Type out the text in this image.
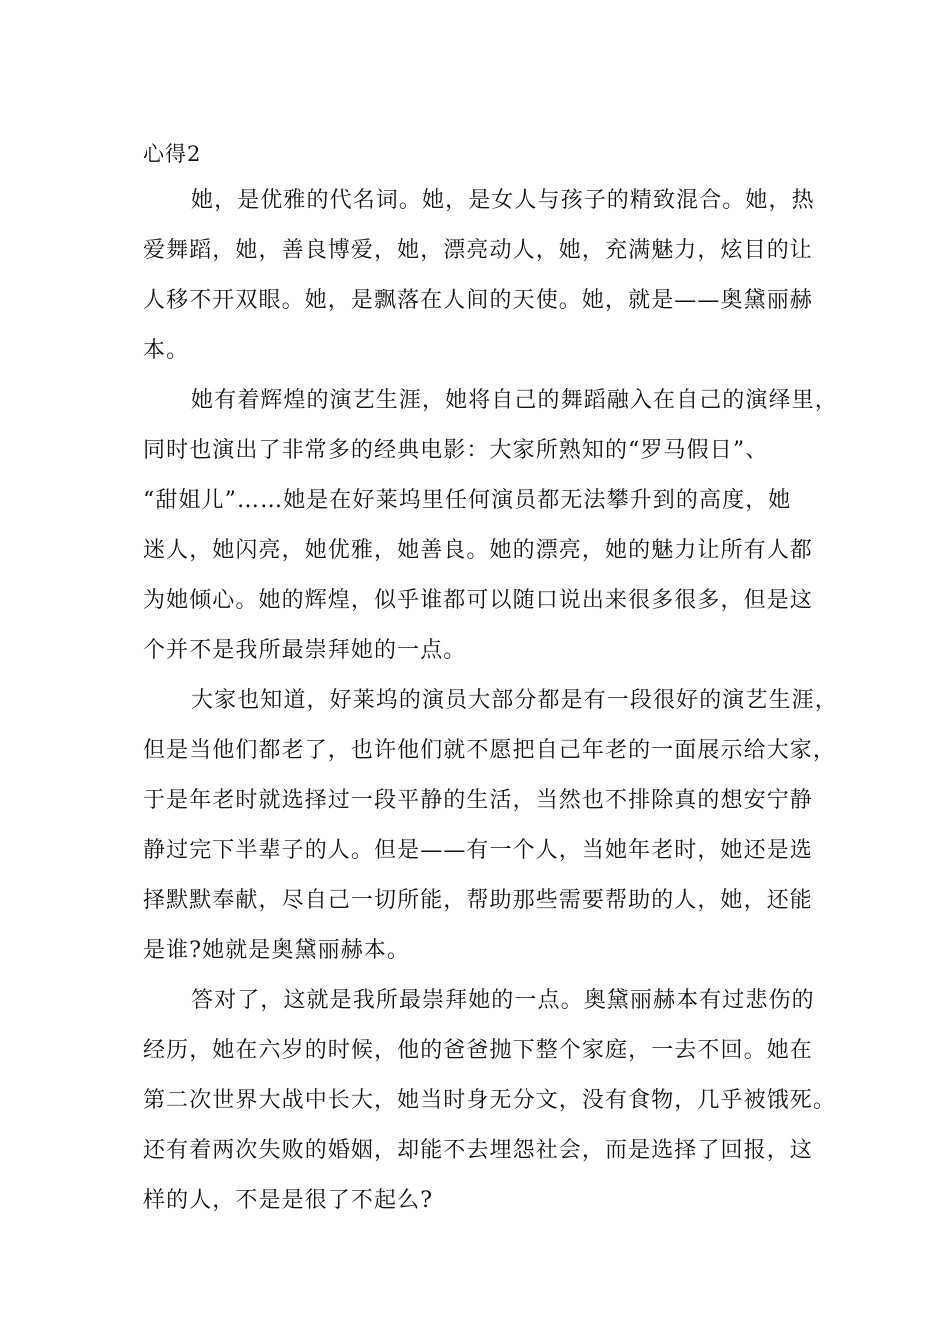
心得2

她，是优雅的代名词。她，是女人与孩子的精致混合。她，热

爱舞蹈，她，善良博爱，她，漂亮动人，她，充满魅力，炫目的让

人移不开双眼。她，是飘落在人间的天使。她，就是——奥黛丽赫

本。

她有着辉煌的演艺生涯，她将自己的舞蹈融入在自己的演绎里，

同时也演出了非常多的经典电影：大家所熟知的“罗马假日”、

“甜姐儿”……她是在好莱坞里任何演员都无法攀升到的高度，她

迷人，她闪亮，她优雅，她善良。她的漂亮，她的魅力让所有人都

为她倾心。她的辉煌，似乎谁都可以随口说出来很多很多，但是这

个并不是我所最崇拜她的一点。

大家也知道，好莱坞的演员大部分都是有一段很好的演艺生涯，

但是当他们都老了，也许他们就不愿把自己年老的一面展示给大家，

于是年老时就选择过一段平静的生活，当然也不排除真的想安宁静

静过完下半辈子的人。但是——有一个人，当她年老时，她还是选

择默默奉献，尽自己一切所能，帮助那些需要帮助的人，她，还能

是谁?她就是奥黛丽赫本。

答对了，这就是我所最崇拜她的一点。奥黛丽赫本有过悲伤的

经历，她在六岁的时候，他的爸爸抛下整个家庭，一去不回。她在

第二次世界大战中长大，她当时身无分文，没有食物，几乎被饿死。

还有着两次失败的婚姻，却能不去埋怨社会，而是选择了回报，这

样的人，不是是很了不起么?
